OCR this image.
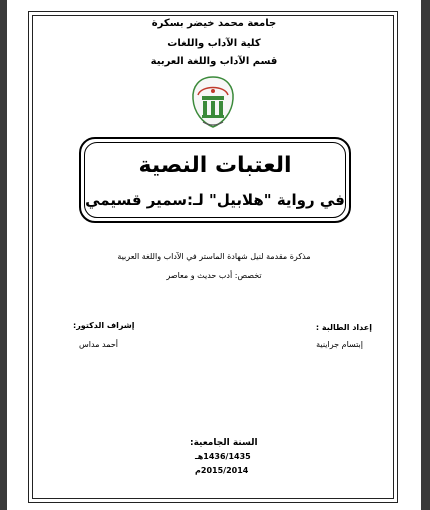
جامعة محمد خيضر بسكرة
كلية الآداب واللغات
قسم الآداب واللغة العربية
العتبات النصية
في رواية "هلابيل" لـ:سمير قسيمي
مذكرة مقدمة لنيل شهادة الماستر في الآداب واللغة العربية
تخصص: أدب حديث و معاصر
إعداد الطالبة :
إبتسام جراينية
إشراف الدكتور:
أحمد مداس
السنة الجامعية:
1436/1435هـ
2015/2014م
